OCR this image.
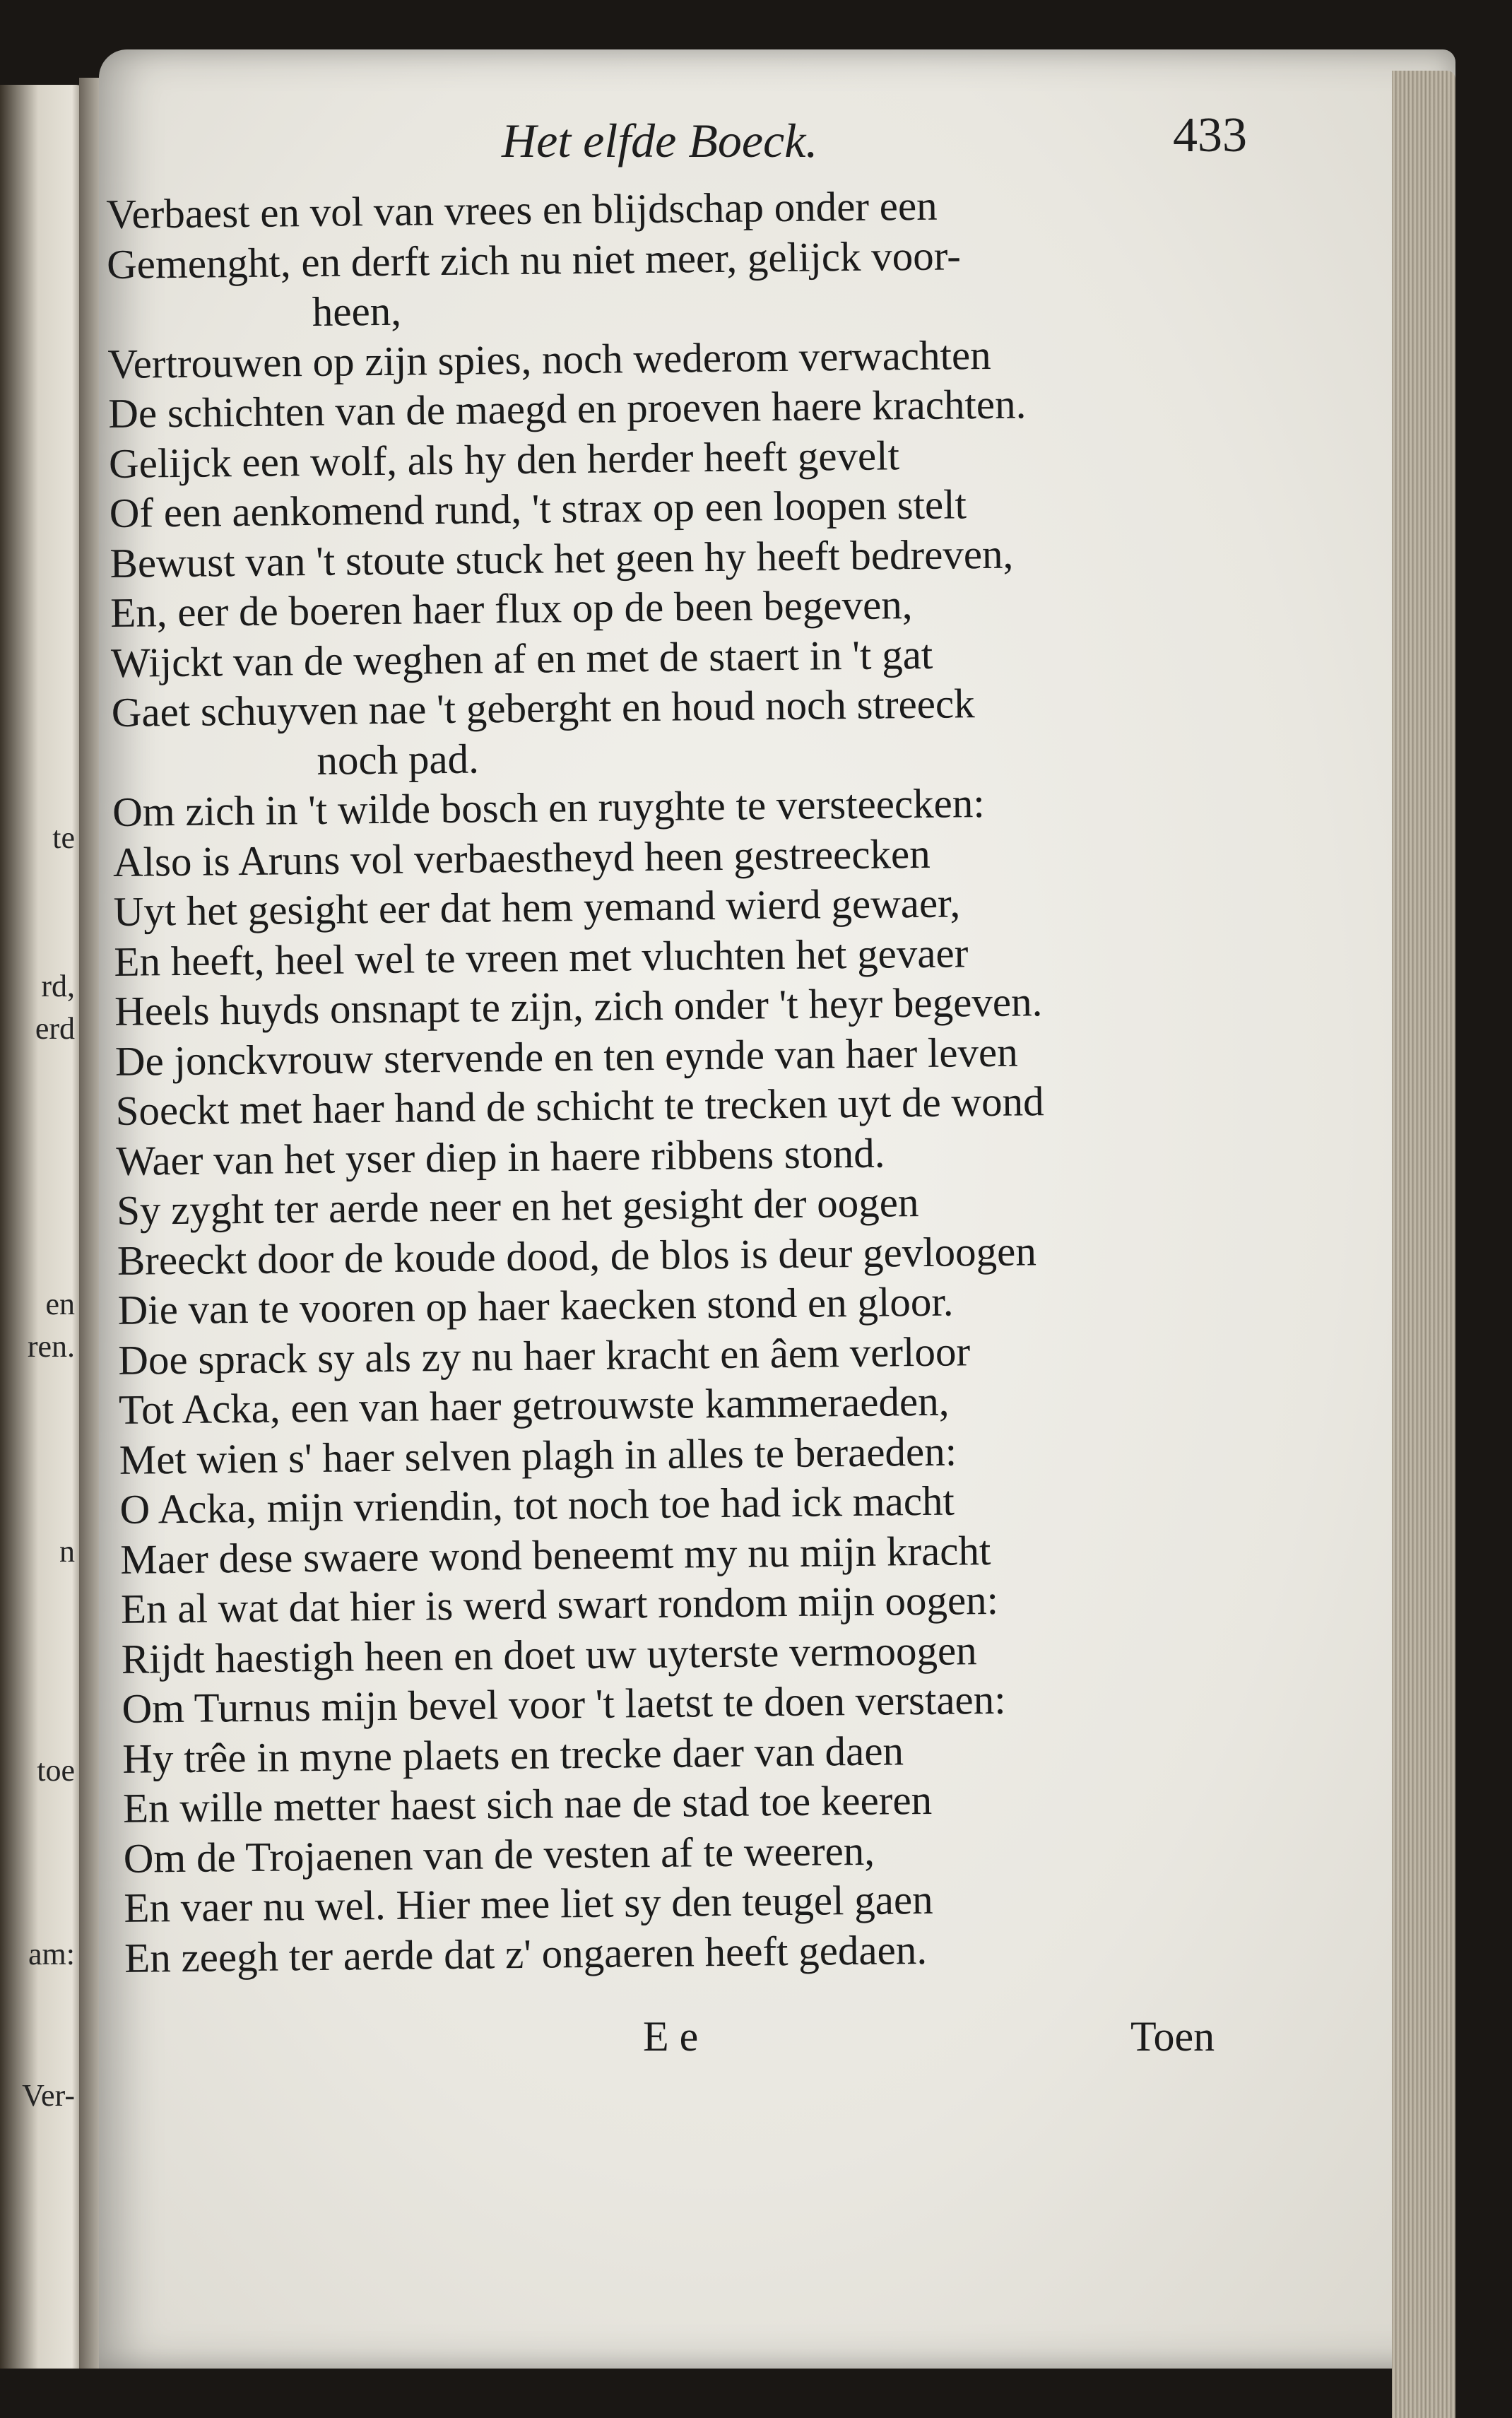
te
rd,
erd
en
ren.
n
toe
am:
Ver-
Het elfde Boeck.	433
Verbaest en vol van vrees en blijdschap onder een
Gemenght, en derft zich nu niet meer, gelijck voor-
heen,
Vertrouwen op zijn spies, noch wederom verwachten
De schichten van de maegd en proeven haere krachten.
Gelijck een wolf, als hy den herder heeft gevelt
Of een aenkomend rund, 't strax op een loopen stelt
Bewust van 't stoute stuck het geen hy heeft bedreven,
En, eer de boeren haer flux op de been begeven,
Wijckt van de weghen af en met de staert in 't gat
Gaet schuyven nae 't geberght en houd noch streeck
noch pad.
Om zich in 't wilde bosch en ruyghte te versteecken:
Also is Aruns vol verbaestheyd heen gestreecken
Uyt het gesight eer dat hem yemand wierd gewaer,
En heeft, heel wel te vreen met vluchten het gevaer
Heels huyds onsnapt te zijn, zich onder 't heyr begeven.
De jonckvrouw stervende en ten eynde van haer leven
Soeckt met haer hand de schicht te trecken uyt de wond
Waer van het yser diep in haere ribbens stond.
Sy zyght ter aerde neer en het gesight der oogen
Breeckt door de koude dood, de blos is deur gevloogen
Die van te vooren op haer kaecken stond en gloor.
Doe sprack sy als zy nu haer kracht en âem verloor
Tot Acka, een van haer getrouwste kammeraeden,
Met wien s' haer selven plagh in alles te beraeden:
O Acka, mijn vriendin, tot noch toe had ick macht
Maer dese swaere wond beneemt my nu mijn kracht
En al wat dat hier is werd swart rondom mijn oogen:
Rijdt haestigh heen en doet uw uyterste vermoogen
Om Turnus mijn bevel voor 't laetst te doen verstaen:
Hy trêe in myne plaets en trecke daer van daen
En wille metter haest sich nae de stad toe keeren
Om de Trojaenen van de vesten af te weeren,
En vaer nu wel. Hier mee liet sy den teugel gaen
En zeegh ter aerde dat z' ongaeren heeft gedaen.
E e	Toen
